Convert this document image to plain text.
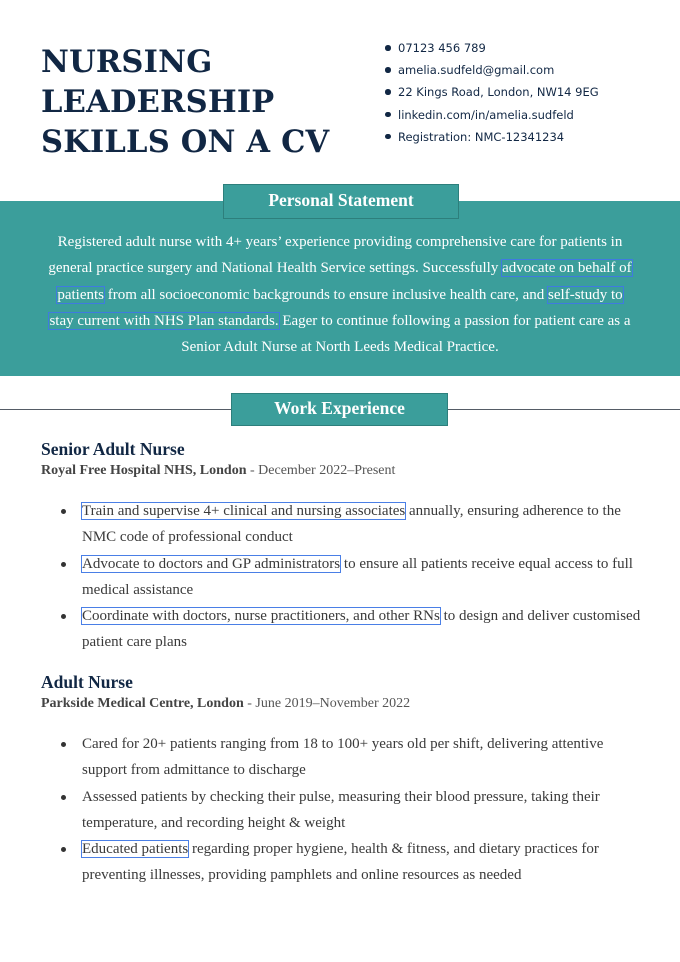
NURSING
LEADERSHIP
SKILLS ON A CV
07123 456 789
amelia.sudfeld@gmail.com
22 Kings Road, London, NW14 9EG
linkedin.com/in/amelia.sudfeld
Registration: NMC-12341234
Personal Statement

Registered adult nurse with 4+ years’ experience providing comprehensive care for patients in general practice surgery and National Health Service settings. Successfully advocate on behalf of patients from all socioeconomic backgrounds to ensure inclusive health care, and self-study to stay current with NHS Plan standards. Eager to continue following a passion for patient care as a Senior Adult Nurse at North Leeds Medical Practice.

Work Experience
Senior Adult Nurse

Royal Free Hospital NHS, London - December 2022–Present

Train and supervise 4+ clinical and nursing associates annually, ensuring adherence to the NMC code of professional conduct
Advocate to doctors and GP administrators to ensure all patients receive equal access to full medical assistance
Coordinate with doctors, nurse practitioners, and other RNs to design and deliver customised patient care plans
Adult Nurse

Parkside Medical Centre, London - June 2019–November 2022

Cared for 20+ patients ranging from 18 to 100+ years old per shift, delivering attentive support from admittance to discharge
Assessed patients by checking their pulse, measuring their blood pressure, taking their temperature, and recording height & weight
Educated patients regarding proper hygiene, health & fitness, and dietary practices for preventing illnesses, providing pamphlets and online resources as needed
